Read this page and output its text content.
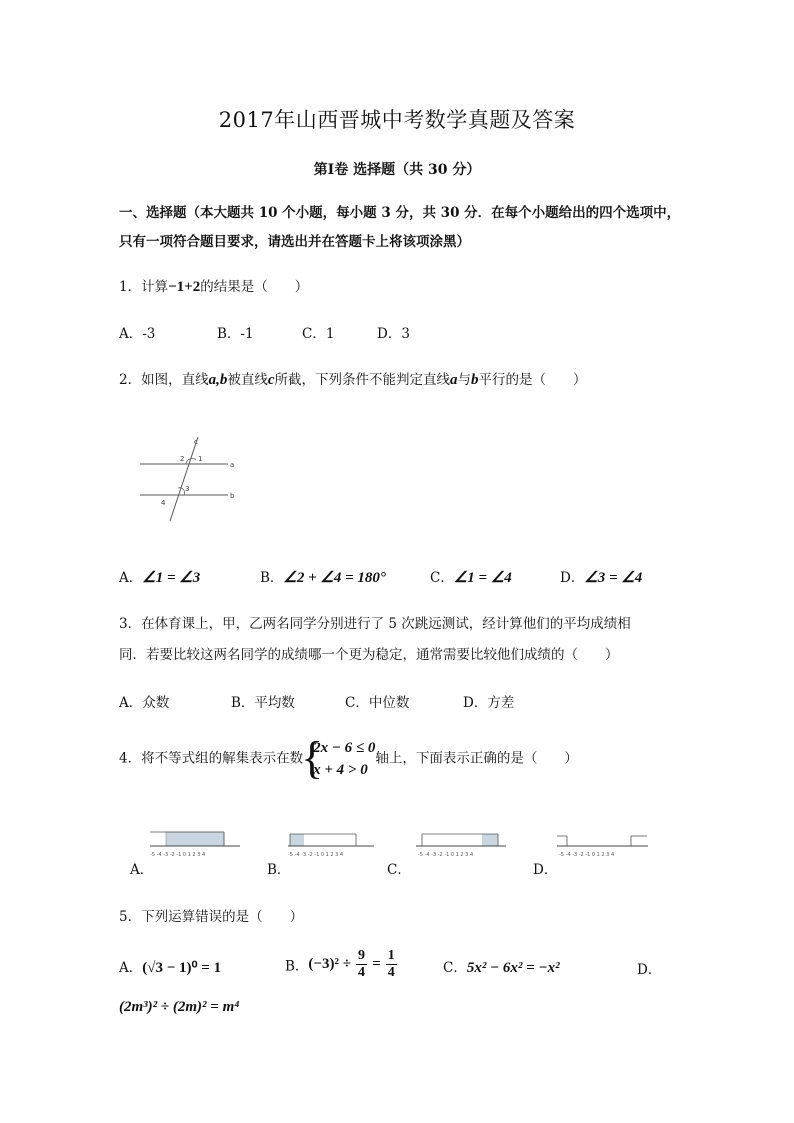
2017年山西晋城中考数学真题及答案
第Ⅰ卷 选择题（共 30 分）
一、选择题（本大题共 10 个小题，每小题 3 分，共 30 分．在每个小题给出的四个选项中，
只有一项符合题目要求，请选出并在答题卡上将该项涂黑）
1．计算−1+2的结果是（　　）
A．-3	B．-1	C．1	D．3
2．如图，直线a,b被直线c所截，下列条件不能判定直线a与b平行的是（　　）
c
a
b
1
2
3
4
A．∠1 = ∠3	B．∠2 + ∠4 = 180°	C．∠1 = ∠4	D．∠3 = ∠4
3．在体育课上，甲，乙两名同学分别进行了 5 次跳远测试，经计算他们的平均成绩相
同．若要比较这两名同学的成绩哪一个更为稳定，通常需要比较他们成绩的（　　）
A．众数	B．平均数	C．中位数	D．方差
4．将不等式组的解集表示在数
{
2x − 6 ≤ 0
x + 4 > 0
轴上，下面表示正确的是（　　）
A．
-5 -4 -3 -2 -1 0 1 2 3 4
B．
-5 -4 -3 -2 -1 0 1 2 3 4
C．
-5 -4 -3 -2 -1 0 1 2 3 4
D．
-5 -4 -3 -2 -1 0 1 2 3 4
5．下列运算错误的是（　　）
A．(√3 − 1)⁰ = 1	B．$(-3)^2 \div \frac{9}{4} = \frac{1}{4}$	C．5x² − 6x² = −x²	D．
(2m³)² ÷ (2m)² = m⁴
